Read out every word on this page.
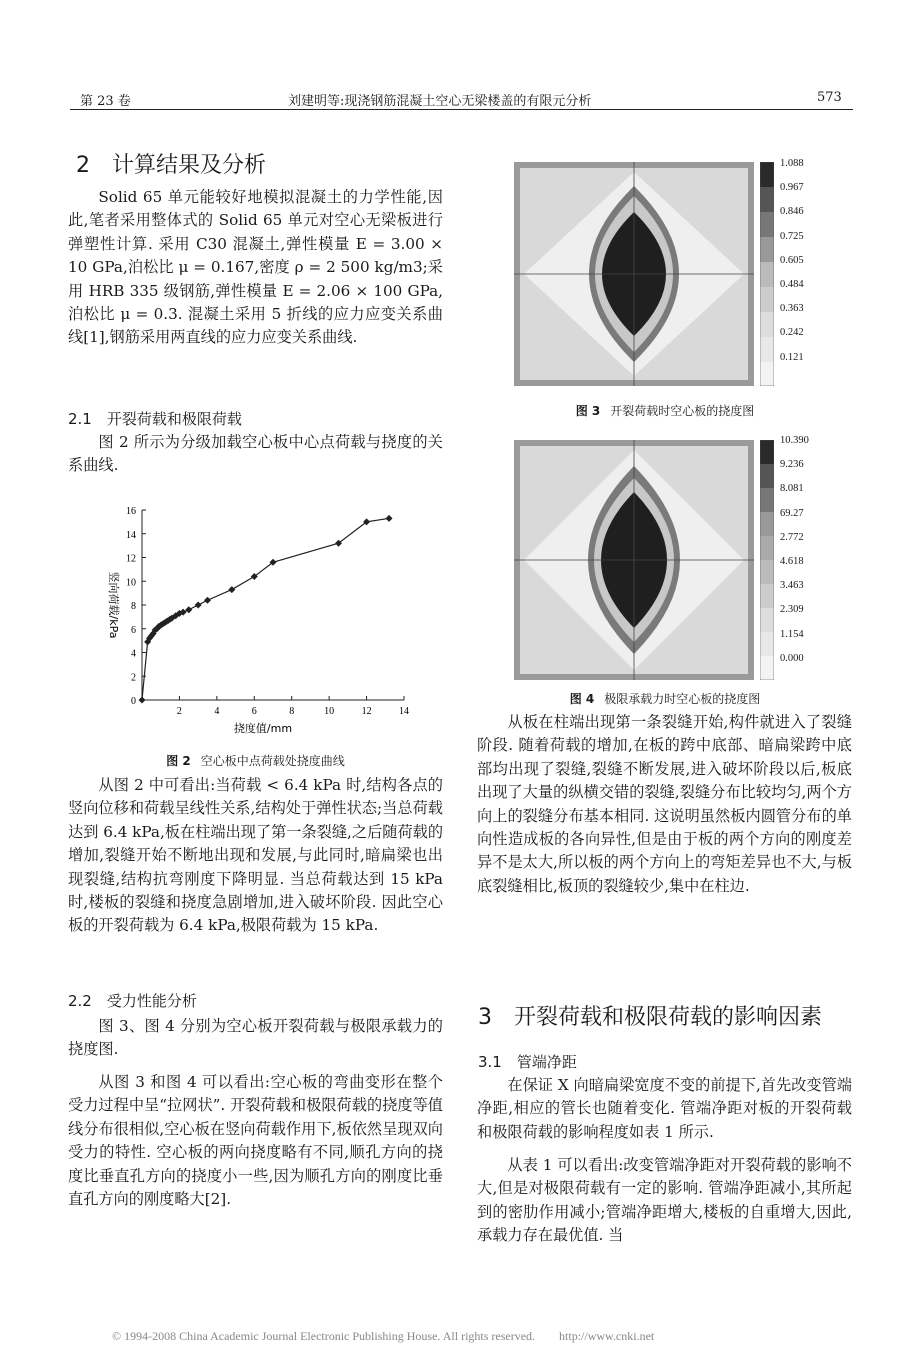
第 23 卷	刘建明等:现浇钢筋混凝土空心无梁楼盖的有限元分析	573
2　计算结果及分析

Solid 65 单元能较好地模拟混凝土的力学性能,因此,笔者采用整体式的 Solid 65 单元对空心无梁板进行弹塑性计算. 采用 C30 混凝土,弹性模量 E = 3.00 × 10 GPa,泊松比 μ = 0.167,密度 ρ = 2 500 kg/m3;采用 HRB 335 级钢筋,弹性模量 E = 2.06 × 100 GPa,泊松比 μ = 0.3. 混凝土采用 5 折线的应力应变关系曲线[1],钢筋采用两直线的应力应变关系曲线.

2.1　开裂荷载和极限荷载

图 2 所示为分级加载空心板中心点荷载与挠度的关系曲线.

0
2
4
6
8
10
12
14
16
2	4	6	8	10	12	14
挠度值/mm
竖向荷载/kPa
图 2 空心板中点荷载处挠度曲线

从图 2 中可看出:当荷载 < 6.4 kPa 时,结构各点的竖向位移和荷载呈线性关系,结构处于弹性状态;当总荷载达到 6.4 kPa,板在柱端出现了第一条裂缝,之后随荷载的增加,裂缝开始不断地出现和发展,与此同时,暗扁梁也出现裂缝,结构抗弯刚度下降明显. 当总荷载达到 15 kPa 时,楼板的裂缝和挠度急剧增加,进入破坏阶段. 因此空心板的开裂荷载为 6.4 kPa,极限荷载为 15 kPa.

2.2　受力性能分析

图 3、图 4 分别为空心板开裂荷载与极限承载力的挠度图.

从图 3 和图 4 可以看出:空心板的弯曲变形在整个受力过程中呈“拉网状”. 开裂荷载和极限荷载的挠度等值线分布很相似,空心板在竖向荷载作用下,板依然呈现双向受力的特性. 空心板的两向挠度略有不同,顺孔方向的挠度比垂直孔方向的挠度小一些,因为顺孔方向的刚度比垂直孔方向的刚度略大[2].

1.088
0.967
0.846
0.725
0.605
0.484
0.363
0.242
0.121
图 3 开裂荷载时空心板的挠度图
10.390
9.236
8.081
69.27
2.772
4.618
3.463
2.309
1.154
0.000
图 4 极限承载力时空心板的挠度图

从板在柱端出现第一条裂缝开始,构件就进入了裂缝阶段. 随着荷载的增加,在板的跨中底部、暗扁梁跨中底部均出现了裂缝,裂缝不断发展,进入破坏阶段以后,板底出现了大量的纵横交错的裂缝,裂缝分布比较均匀,两个方向上的裂缝分布基本相同. 这说明虽然板内圆管分布的单向性造成板的各向异性,但是由于板的两个方向的刚度差异不是太大,所以板的两个方向上的弯矩差异也不大,与板底裂缝相比,板顶的裂缝较少,集中在柱边.

3　开裂荷载和极限荷载的影响因素
3.1　管端净距

在保证 X 向暗扁梁宽度不变的前提下,首先改变管端净距,相应的管长也随着变化. 管端净距对板的开裂荷载和极限荷载的影响程度如表 1 所示.

从表 1 可以看出:改变管端净距对开裂荷载的影响不大,但是对极限荷载有一定的影响. 管端净距减小,其所起到的密肋作用减小;管端净距增大,楼板的自重增大,因此,承载力存在最优值. 当

© 1994-2008 China Academic Journal Electronic Publishing House. All rights reserved.　　http://www.cnki.net
